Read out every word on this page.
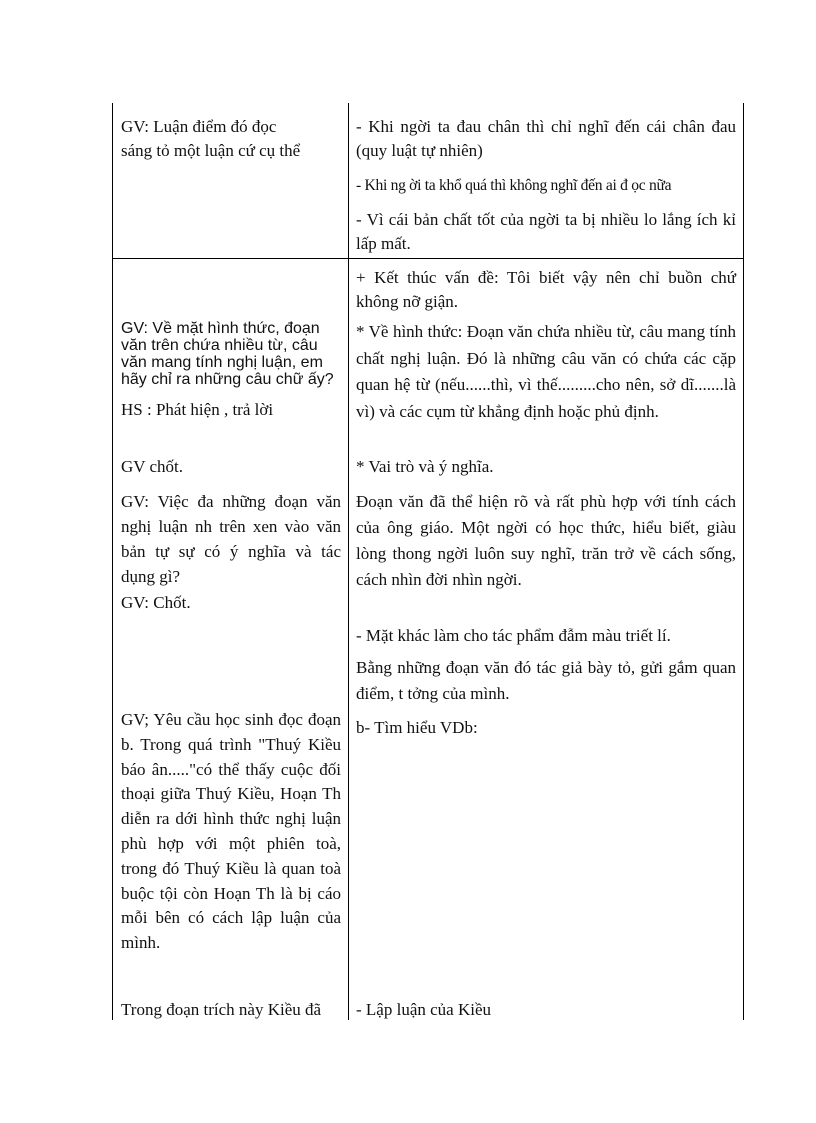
GV: Luận điểm đó đọc

sáng tỏ một luận cứ cụ thể

- Khi ngời ta đau chân thì chỉ nghĩ đến cái chân đau (quy luật tự nhiên)
- Khi ng ời ta khổ quá thì không nghĩ đến ai đ ọc nữa
- Vì cái bản chất tốt của ngời ta bị nhiều lo lắng ích kỉ lấp mất.
GV: Về mặt hình thức, đoạn văn trên chứa nhiều từ, câu văn mang tính nghị luận, em hãy chỉ ra những câu chữ ấy?
HS : Phát hiện , trả lời
GV chốt.
GV: Việc đa những đoạn văn nghị luận nh trên xen vào văn bản tự sự có ý nghĩa và tác dụng gì?
GV: Chốt.
GV; Yêu cầu học sinh đọc đoạn b. Trong quá trình "Thuý Kiều báo ân....."có thể thấy cuộc đối thoại giữa Thuý Kiều, Hoạn Th diễn ra dới hình thức nghị luận phù hợp với một phiên toà, trong đó Thuý Kiều là quan toà buộc tội còn Hoạn Th là bị cáo mỗi bên có cách lập luận của mình.
+ Kết thúc vấn đề: Tôi biết vậy nên chỉ buồn chứ không nỡ giận.
* Về hình thức: Đoạn văn chứa nhiều từ, câu mang tính chất nghị luận. Đó là những câu văn có chứa các cặp quan hệ từ (nếu......thì, vì thế.........cho nên, sở dĩ.......là vì) và các cụm từ khẳng định hoặc phủ định.
* Vai trò và ý nghĩa.
Đoạn văn đã thể hiện rõ và rất phù hợp với tính cách của ông giáo. Một ngời có học thức, hiểu biết, giàu lòng thong ngời luôn suy nghĩ, trăn trở về cách sống, cách nhìn đời nhìn ngời.
- Mặt khác làm cho tác phẩm đẫm màu triết lí.
Bằng những đoạn văn đó tác giả bày tỏ, gửi gắm quan điểm, t tởng của mình.
b- Tìm hiểu VDb:
Trong đoạn trích này Kiều đã	- Lập luận của Kiều
